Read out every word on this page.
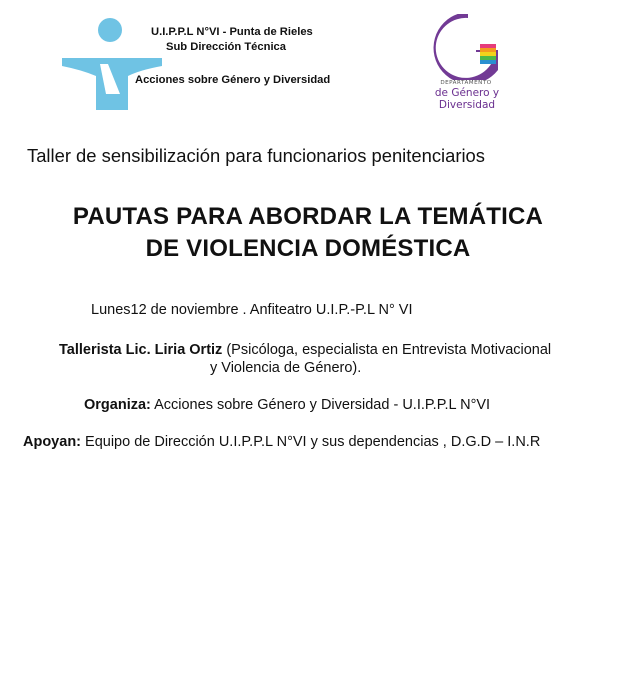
U.I.P.P.L N°VI - Punta de Rieles
Sub Dirección Técnica
Acciones sobre Género y Diversidad	DEPARTAMENTO
de Género y
Diversidad
Taller de sensibilización para funcionarios penitenciarios
PAUTAS PARA ABORDAR LA TEMÁTICA
DE VIOLENCIA DOMÉSTICA
Lunes12 de noviembre . Anfiteatro U.I.P.-P.L N° VI
Tallerista Lic. Liria Ortiz (Psicóloga, especialista en Entrevista Motivacional
y Violencia de Género).
Organiza: Acciones sobre Género y Diversidad - U.I.P.P.L N°VI
Apoyan: Equipo de Dirección U.I.P.P.L N°VI y sus dependencias , D.G.D – I.N.R
